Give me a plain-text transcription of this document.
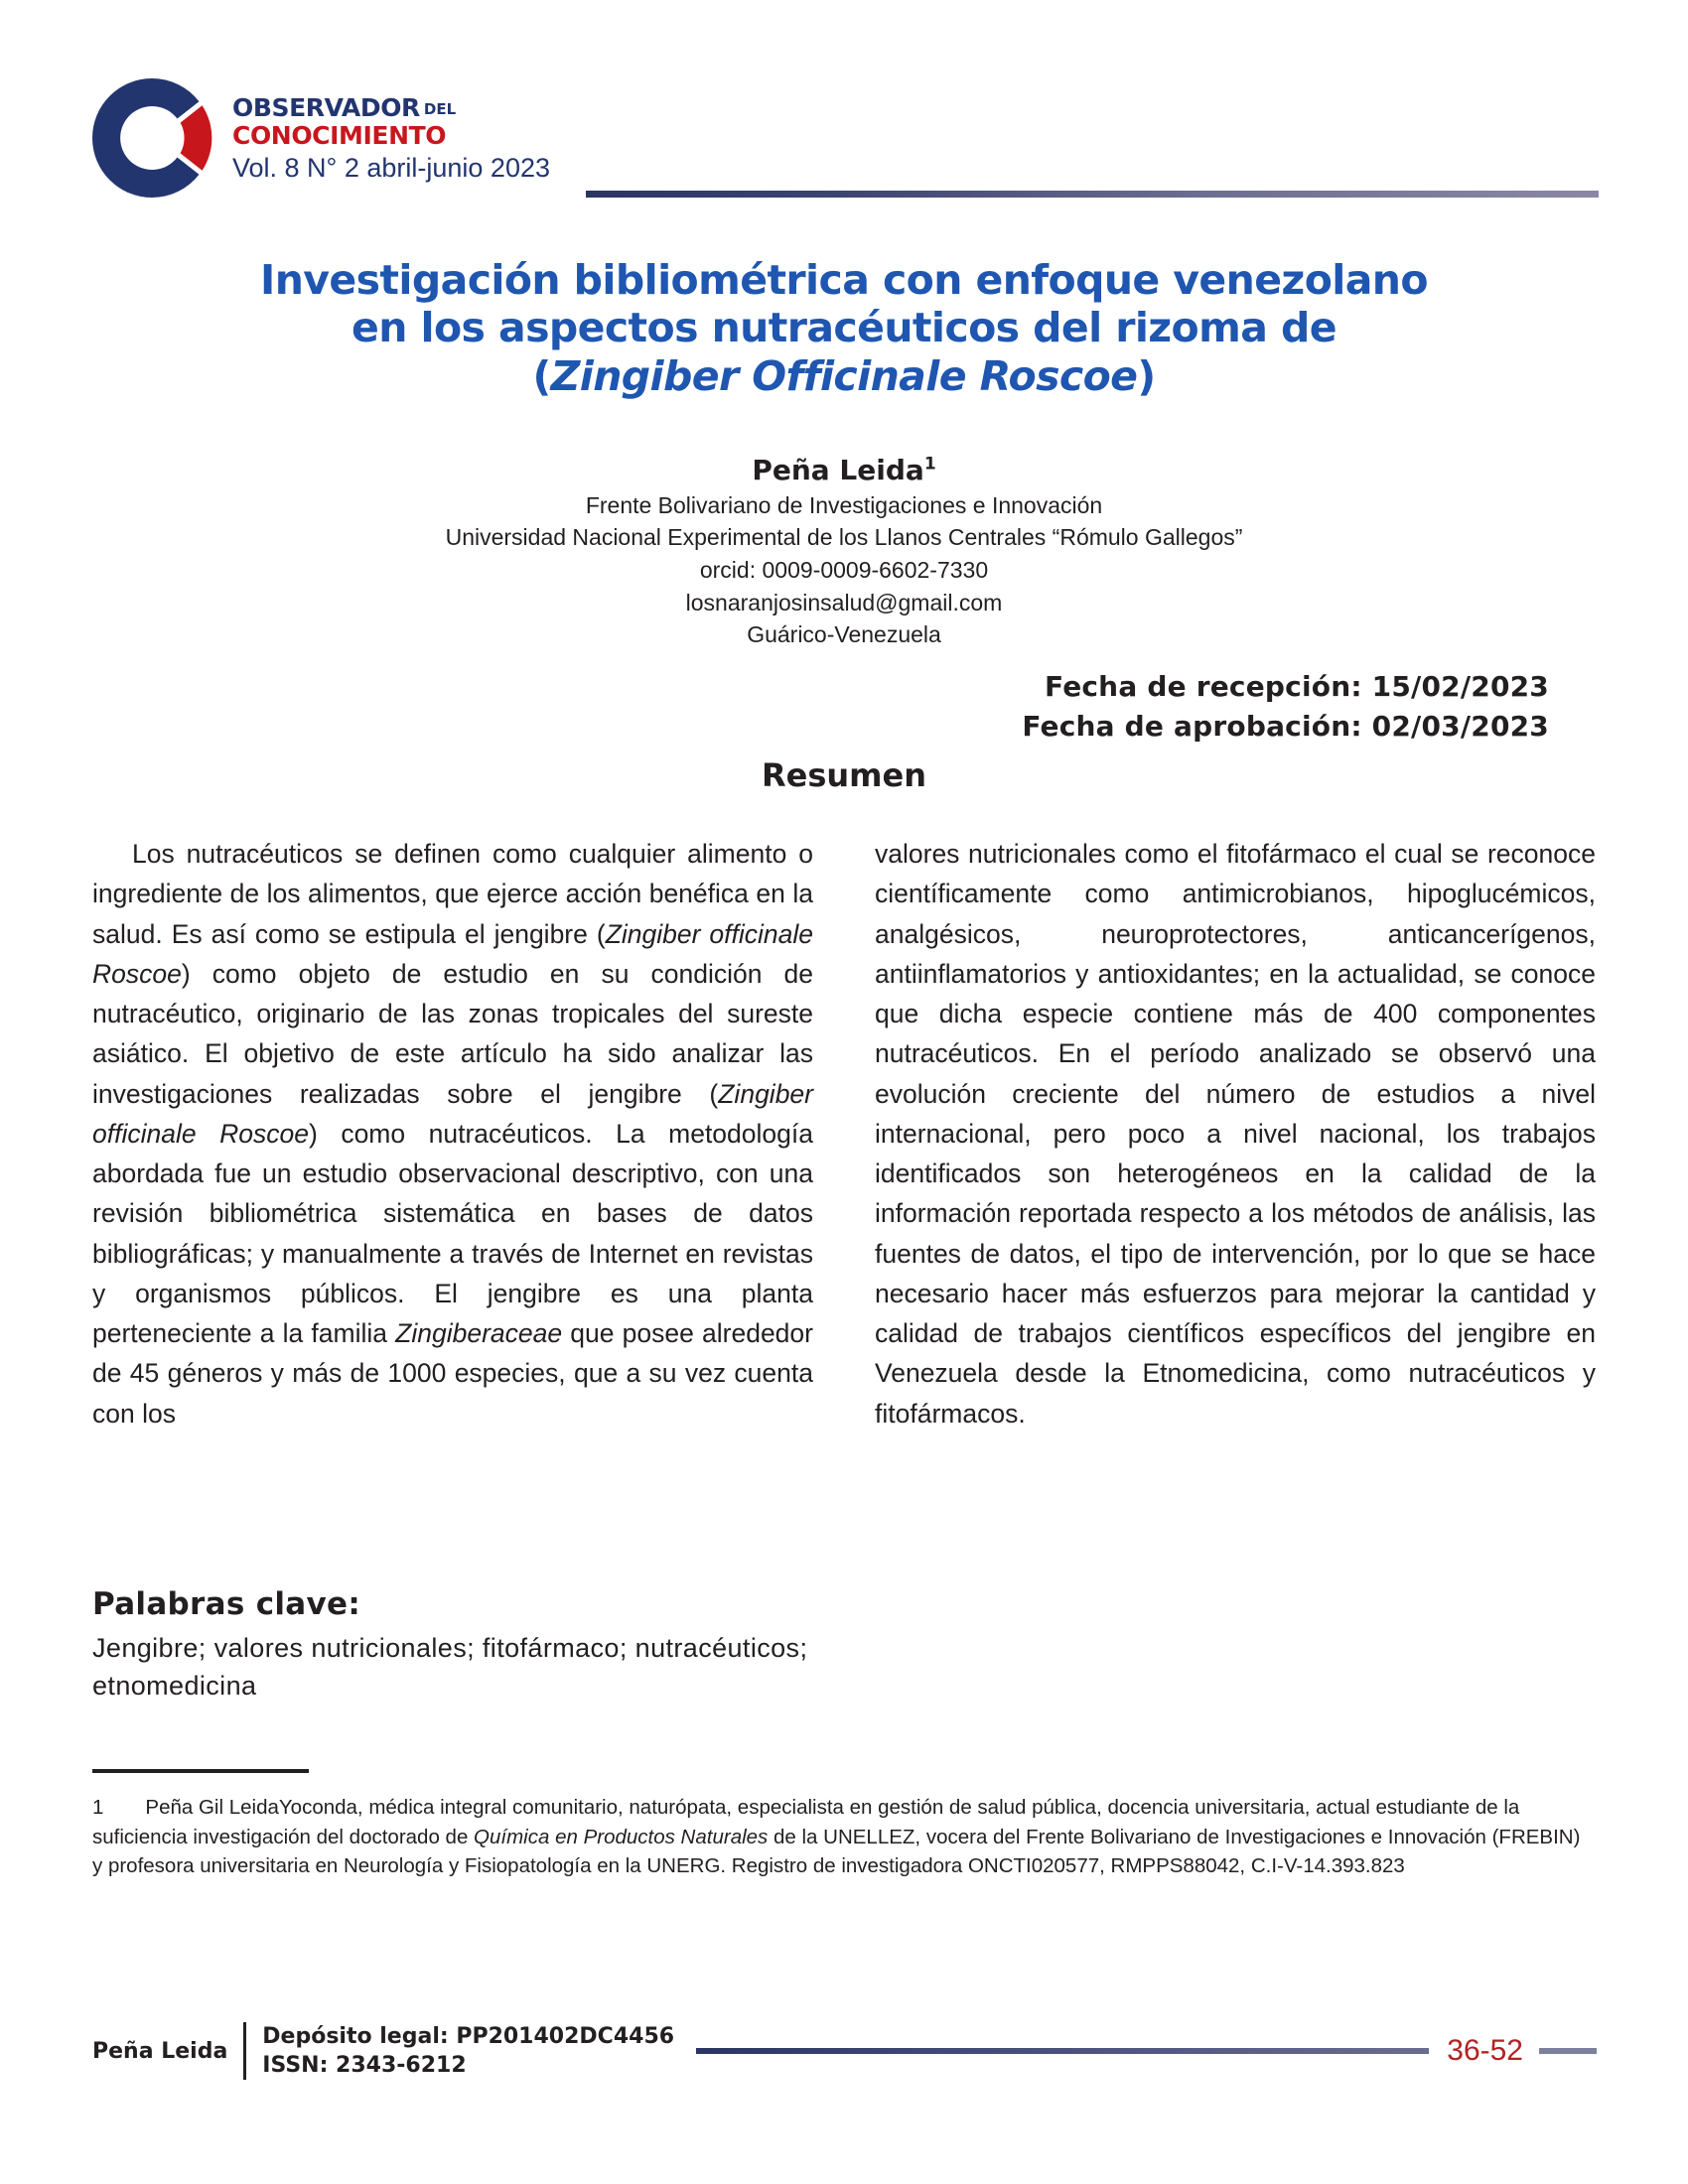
OBSERVADOR DEL
CONOCIMIENTO
Vol. 8 N° 2 abril-junio 2023
Investigación bibliométrica con enfoque venezolano
en los aspectos nutracéuticos del rizoma de
(Zingiber Officinale Roscoe)
Peña Leida$^1$
Frente Bolivariano de Investigaciones e Innovación
Universidad Nacional Experimental de los Llanos Centrales “Rómulo Gallegos”
orcid: 0009-0009-6602-7330
losnaranjosinsalud@gmail.com
Guárico-Venezuela
Fecha de recepción: 15/02/2023
Fecha de aprobación: 02/03/2023
Resumen

Los nutracéuticos se definen como cualquier alimento o ingrediente de los alimentos, que ejerce acción benéfica en la salud. Es así como se estipula el jengibre (Zingiber officinale Roscoe) como objeto de estudio en su condición de nutracéutico, originario de las zonas tropicales del sureste asiático. El objetivo de este artículo ha sido analizar las investigaciones realizadas sobre el jengibre (Zingiber officinale Roscoe) como nutracéuticos. La metodología abordada fue un estudio observacional descriptivo, con una revisión bibliométrica sistemática en bases de datos bibliográficas; y manualmente a través de Internet en revistas y organismos públicos. El jengibre es una planta perteneciente a la familia Zingiberaceae que posee alrededor de 45 géneros y más de 1000 especies, que a su vez cuenta con los

valores nutricionales como el fitofármaco el cual se reconoce científicamente como antimicrobianos, hipoglucémicos, analgésicos, neuroprotectores, anticancerígenos, antiinflamatorios y antioxidantes; en la actualidad, se conoce que dicha especie contiene más de 400 componentes nutracéuticos. En el período analizado se observó una evolución creciente del número de estudios a nivel internacional, pero poco a nivel nacional, los trabajos identificados son heterogéneos en la calidad de la información reportada respecto a los métodos de análisis, las fuentes de datos, el tipo de intervención, por lo que se hace necesario hacer más esfuerzos para mejorar la cantidad y calidad de trabajos científicos específicos del jengibre en Venezuela desde la Etnomedicina, como nutracéuticos y fitofármacos.

Palabras clave:
Jengibre; valores nutricionales; fitofármaco; nutracéuticos; etnomedicina
1 Peña Gil LeidaYoconda, médica integral comunitario, naturópata, especialista en gestión de salud pública, docencia universitaria, actual estudiante de la suficiencia investigación del doctorado de Química en Productos Naturales de la UNELLEZ, vocera del Frente Bolivariano de Investigaciones e Innovación (FREBIN) y profesora universitaria en Neurología y Fisiopatología en la UNERG. Registro de investigadora ONCTI020577, RMPPS88042, C.I-V-14.393.823
Peña Leida
Depósito legal: PP201402DC4456
ISSN: 2343-6212	36-52
